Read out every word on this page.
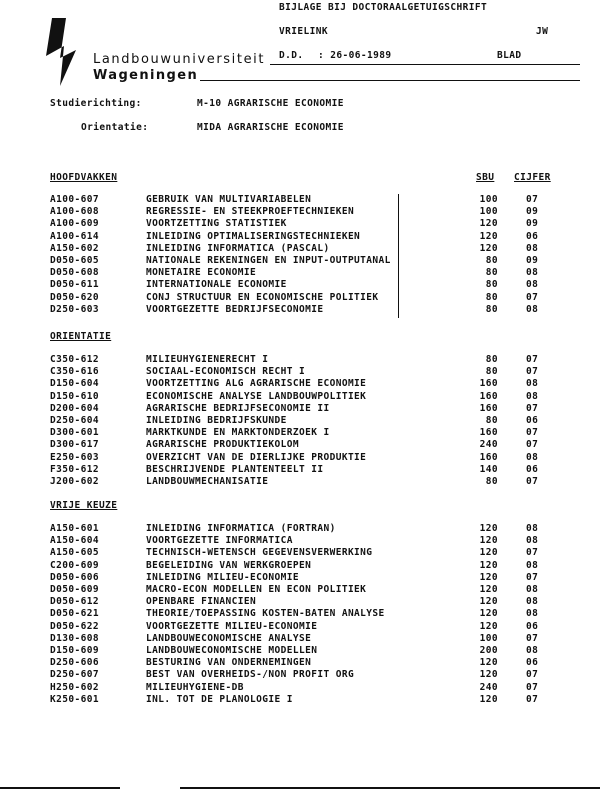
BIJLAGE BIJ DOCTORAALGETUIGSCHRIFT
VRIELINK	JW
D.D. : 26-06-1989	BLAD
Landbouwuniversiteit
Wageningen
Studierichting:	M-10 AGRARISCHE ECONOMIE
Orientatie:	MIDA AGRARISCHE ECONOMIE
SBU CIJFER
HOOFDVAKKEN
A100-607	GEBRUIK VAN MULTIVARIABELEN	100	07
A100-608	REGRESSIE- EN STEEKPROEFTECHNIEKEN	100	09
A100-609	VOORTZETTING STATISTIEK	120	09
A100-614	INLEIDING OPTIMALISERINGSTECHNIEKEN	120	06
A150-602	INLEIDING INFORMATICA (PASCAL)	120	08
D050-605	NATIONALE REKENINGEN EN INPUT-OUTPUTANAL	80	09
D050-608	MONETAIRE ECONOMIE	80	08
D050-611	INTERNATIONALE ECONOMIE	80	08
D050-620	CONJ STRUCTUUR EN ECONOMISCHE POLITIEK	80	07
D250-603	VOORTGEZETTE BEDRIJFSECONOMIE	80	08
ORIENTATIE
C350-612	MILIEUHYGIENERECHT I	80	07
C350-616	SOCIAAL-ECONOMISCH RECHT I	80	07
D150-604	VOORTZETTING ALG AGRARISCHE ECONOMIE	160	08
D150-610	ECONOMISCHE ANALYSE LANDBOUWPOLITIEK	160	08
D200-604	AGRARISCHE BEDRIJFSECONOMIE II	160	07
D250-604	INLEIDING BEDRIJFSKUNDE	80	06
D300-601	MARKTKUNDE EN MARKTONDERZOEK I	160	07
D300-617	AGRARISCHE PRODUKTIEKOLOM	240	07
E250-603	OVERZICHT VAN DE DIERLIJKE PRODUKTIE	160	08
F350-612	BESCHRIJVENDE PLANTENTEELT II	140	06
J200-602	LANDBOUWMECHANISATIE	80	07
VRIJE KEUZE
A150-601	INLEIDING INFORMATICA (FORTRAN)	120	08
A150-604	VOORTGEZETTE INFORMATICA	120	08
A150-605	TECHNISCH-WETENSCH GEGEVENSVERWERKING	120	07
C200-609	BEGELEIDING VAN WERKGROEPEN	120	08
D050-606	INLEIDING MILIEU-ECONOMIE	120	07
D050-609	MACRO-ECON MODELLEN EN ECON POLITIEK	120	08
D050-612	OPENBARE FINANCIEN	120	08
D050-621	THEORIE/TOEPASSING KOSTEN-BATEN ANALYSE	120	08
D050-622	VOORTGEZETTE MILIEU-ECONOMIE	120	06
D130-608	LANDBOUWECONOMISCHE ANALYSE	100	07
D150-609	LANDBOUWECONOMISCHE MODELLEN	200	08
D250-606	BESTURING VAN ONDERNEMINGEN	120	06
D250-607	BEST VAN OVERHEIDS-/NON PROFIT ORG	120	07
H250-602	MILIEUHYGIENE-DB	240	07
K250-601	INL. TOT DE PLANOLOGIE I	120	07
